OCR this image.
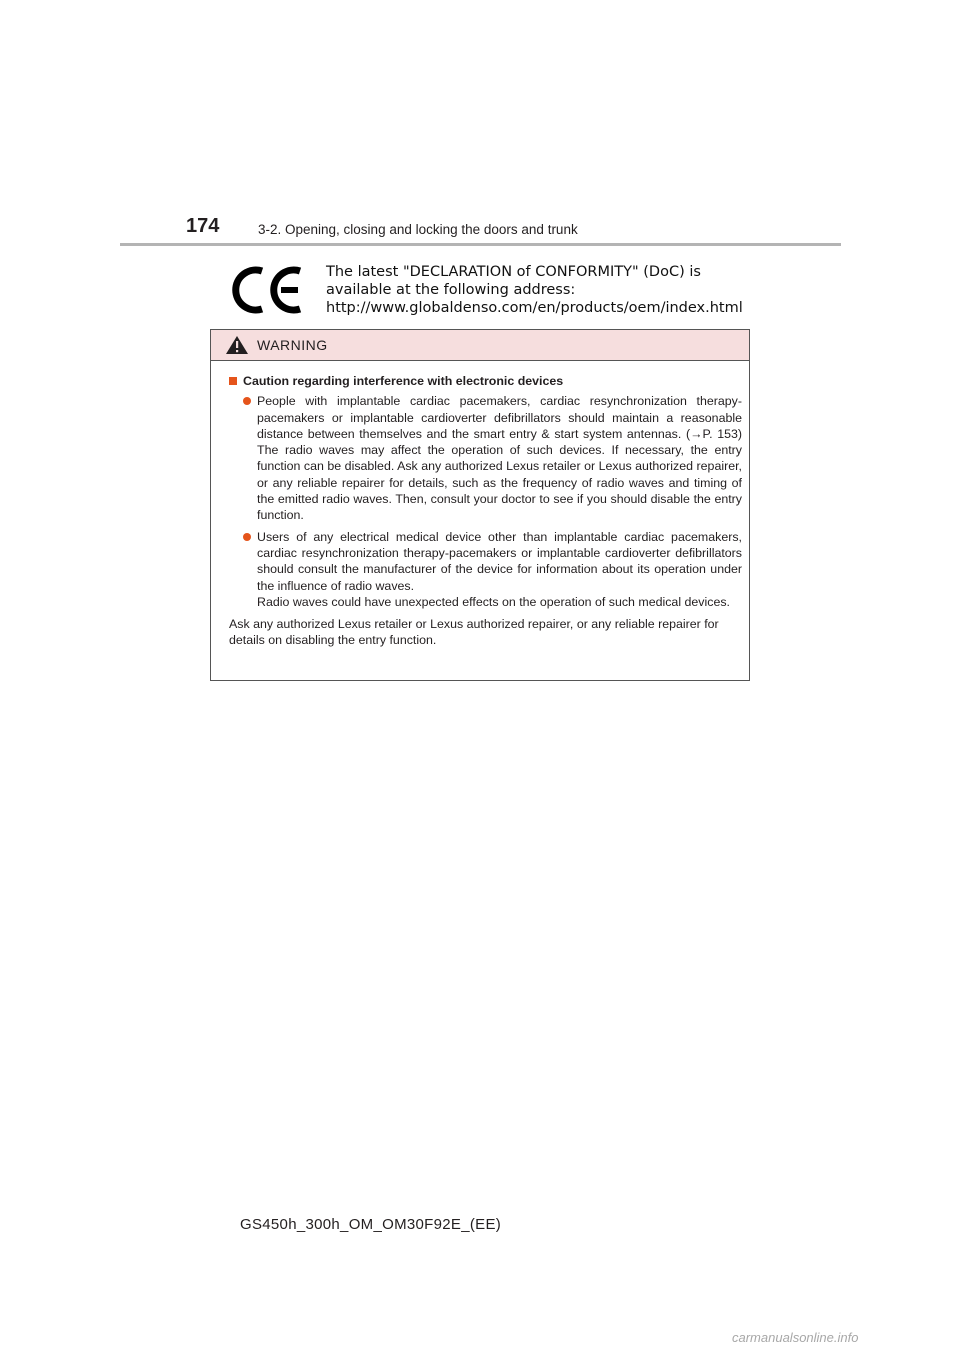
174	3-2. Opening, closing and locking the doors and trunk
The latest "DECLARATION of CONFORMITY" (DoC) is
available at the following address:
http://www.globaldenso.com/en/products/oem/index.html
WARNING
Caution regarding interference with electronic devices
People with implantable cardiac pacemakers, cardiac resynchronization therapy-pacemakers or implantable cardioverter defibrillators should maintain a reasonable distance between themselves and the smart entry & start system antennas. (→P. 153) The radio waves may affect the operation of such devices. If necessary, the entry function can be disabled. Ask any authorized Lexus retailer or Lexus authorized repairer, or any reliable repairer for details, such as the frequency of radio waves and timing of the emitted radio waves. Then, consult your doctor to see if you should disable the entry function.
Users of any electrical medical device other than implantable cardiac pacemakers, cardiac resynchronization therapy-pacemakers or implantable cardioverter defibrillators should consult the manufacturer of the device for information about its operation under the influence of radio waves.
Radio waves could have unexpected effects on the operation of such medical devices.
Ask any authorized Lexus retailer or Lexus authorized repairer, or any reliable repairer for details on disabling the entry function.
GS450h_300h_OM_OM30F92E_(EE)
carmanualsonline.info
